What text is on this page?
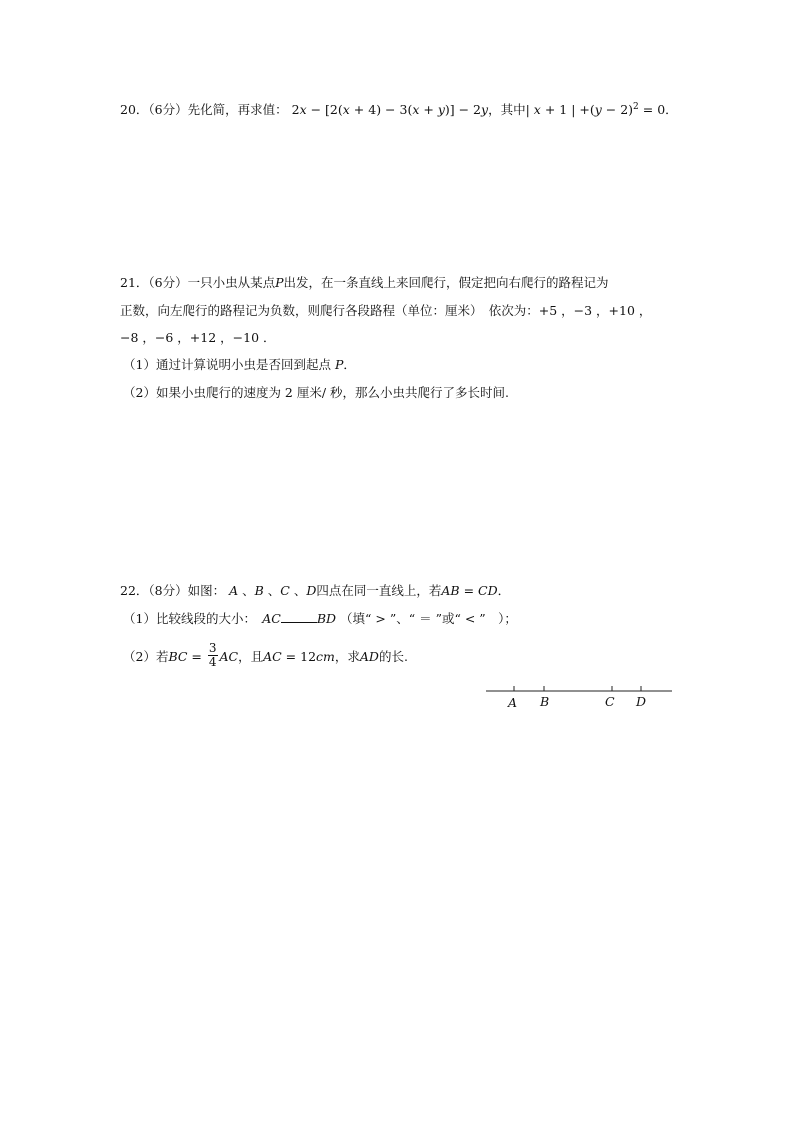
20．（6分）先化简，再求值： 2x − [2(x + 4) − 3(x + y)] − 2y，其中| x + 1 | $+(y - 2)^2 = 0$．
21．（6分）一只小虫从某点P出发，在一条直线上来回爬行，假定把向右爬行的路程记为
正数，向左爬行的路程记为负数，则爬行各段路程（单位：厘米）　依次为：+5 ，−3 ，+10 ，
−8 ，−6 ，+12 ，−10 ．
（1）通过计算说明小虫是否回到起点 P．
（2）如果小虫爬行的速度为 2 厘米/ 秒，那么小虫共爬行了多长时间.
22．（8分）如图： A 、B 、C 、D四点在同一直线上，若AB = CD．
（1）比较线段的大小：　 AC	BD （填“ > ”、“ ＝ ”或“ < ”　）；
（2）若BC = $\frac{3}{4}$ AC，且AC = 12cm，求AD的长.
A B	C D
